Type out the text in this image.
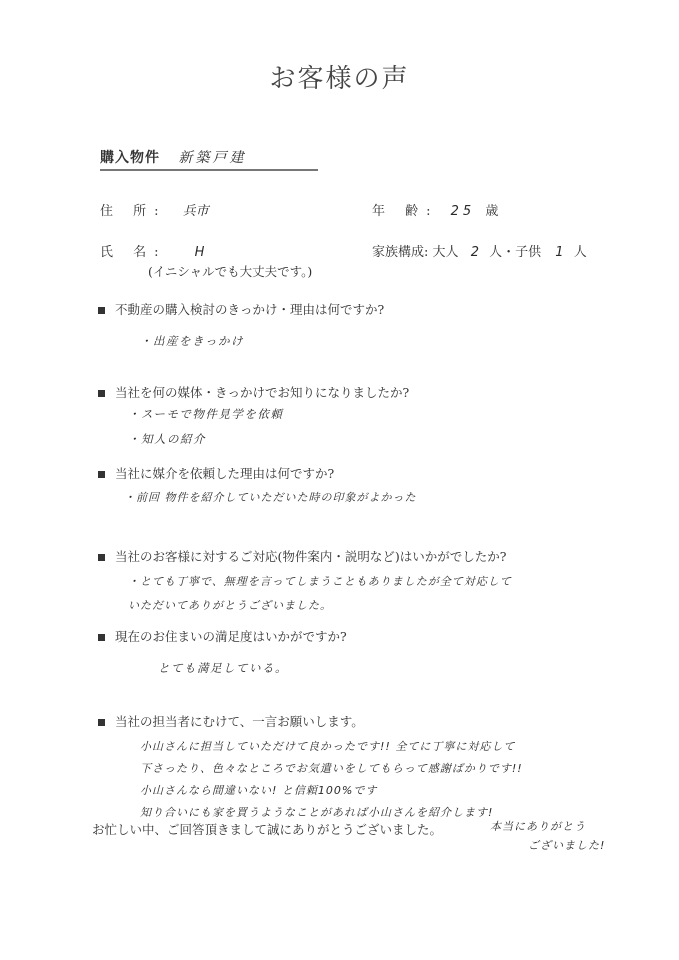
お客様の声
購入物件 新築戸建
住 所: 兵市	年 齢: 25 歳
氏 名: H
(イニシャルでも大丈夫です。)
家族構成: 大人 2 人・子供 1 人
不動産の購入検討のきっかけ・理由は何ですか?
・出産をきっかけ
当社を何の媒体・きっかけでお知りになりましたか?
・スーモで物件見学を依頼
・知人の紹介
当社に媒介を依頼した理由は何ですか?
・前回 物件を紹介していただいた時の印象がよかった
当社のお客様に対するご対応(物件案内・説明など)はいかがでしたか?
・とても丁寧で、無理を言ってしまうこともありましたが全て対応して
いただいてありがとうございました。
現在のお住まいの満足度はいかがですか?
とても満足している。
当社の担当者にむけて、一言お願いします。
小山さんに担当していただけて良かったです!! 全てに丁寧に対応して
下さったり、色々なところでお気遣いをしてもらって感謝ばかりです!!
小山さんなら間違いない! と信頼100%です
知り合いにも家を買うようなことがあれば小山さんを紹介します!
お忙しい中、ご回答頂きまして誠にありがとうございました。	本当にありがとう
ございました!
